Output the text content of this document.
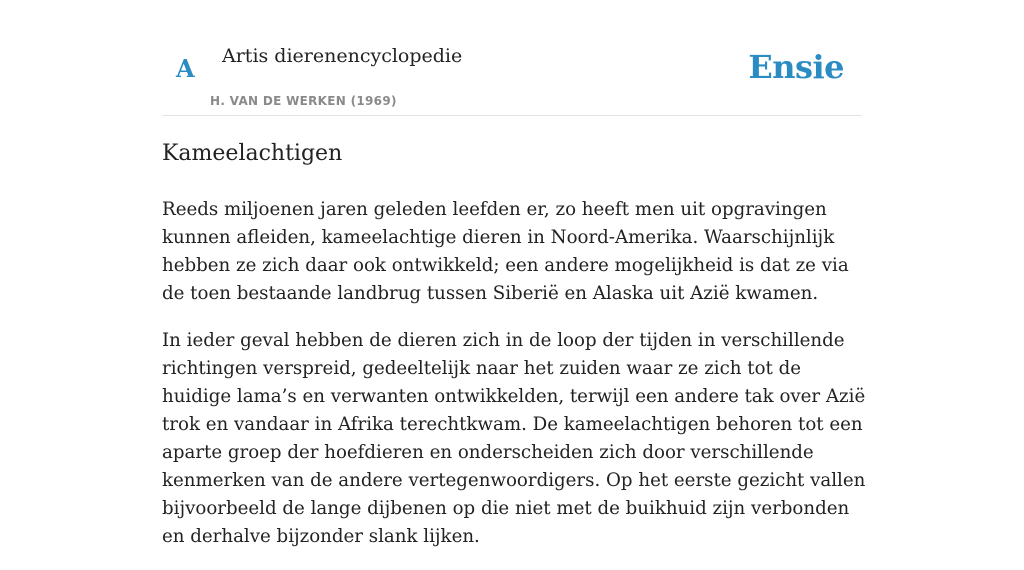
A Artis dierenencyclopedie
H. VAN DE WERKEN (1969)
Ensie
Kameelachtigen

Reeds miljoenen jaren geleden leefden er, zo heeft men uit opgravingen kunnen afleiden, kameelachtige dieren in Noord-Amerika. Waarschijnlijk hebben ze zich daar ook ontwikkeld; een andere mogelijkheid is dat ze via de toen bestaande landbrug tussen Siberië en Alaska uit Azië kwamen.

In ieder geval hebben de dieren zich in de loop der tijden in verschillende richtingen verspreid, gedeeltelijk naar het zuiden waar ze zich tot de huidige lama’s en verwanten ontwikkelden, terwijl een andere tak over Azië trok en vandaar in Afrika terechtkwam. De kameelachtigen behoren tot een aparte groep der hoefdieren en onderscheiden zich door verschillende kenmerken van de andere vertegenwoordigers. Op het eerste gezicht vallen bijvoorbeeld de lange dijbenen op die niet met de buikhuid zijn verbonden en derhalve bijzonder slank lijken.
